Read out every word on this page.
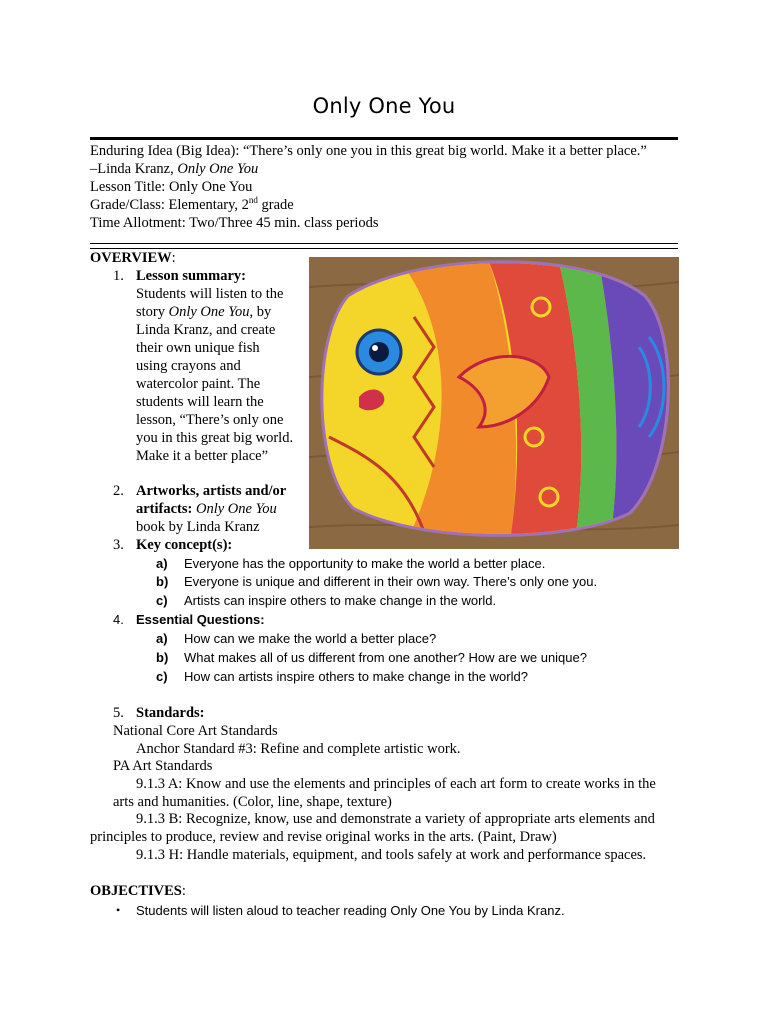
Only One You
Enduring Idea (Big Idea): “There’s only one you in this great big world. Make it a better place.”
–Linda Kranz, Only One You
Lesson Title: Only One You
Grade/Class: Elementary, 2nd grade
Time Allotment: Two/Three 45 min. class periods
OVERVIEW:
1. Lesson summary:
Students will listen to the
story Only One You, by
Linda Kranz, and create
their own unique fish
using crayons and
watercolor paint. The
students will learn the
lesson, “There’s only one
you in this great big world.
Make it a better place”
2. Artworks, artists and/or
artifacts: Only One You
book by Linda Kranz
3. Key concept(s):
a) Everyone has the opportunity to make the world a better place.
b) Everyone is unique and different in their own way. There’s only one you.
c) Artists can inspire others to make change in the world.
4. Essential Questions:
a) How can we make the world a better place?
b) What makes all of us different from one another? How are we unique?
c) How can artists inspire others to make change in the world?
5. Standards:
National Core Art Standards
Anchor Standard #3: Refine and complete artistic work.
PA Art Standards
9.1.3 A: Know and use the elements and principles of each art form to create works in the
arts and humanities. (Color, line, shape, texture)
9.1.3 B: Recognize, know, use and demonstrate a variety of appropriate arts elements and
principles to produce, review and revise original works in the arts. (Paint, Draw)
9.1.3 H: Handle materials, equipment, and tools safely at work and performance spaces.
OBJECTIVES:
• Students will listen aloud to teacher reading Only One You by Linda Kranz.
